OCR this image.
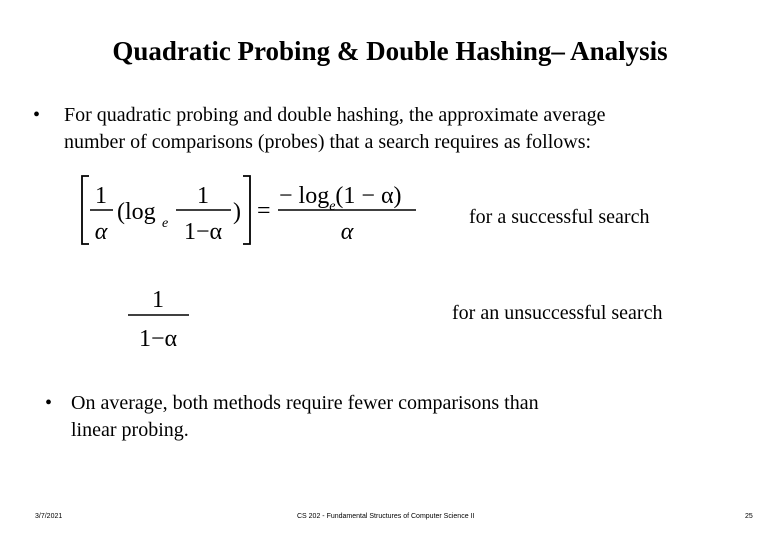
Quadratic Probing & Double Hashing– Analysis
• For quadratic probing and double hashing, the approximate average
number of comparisons (probes) that a search requires as follows:
1
α
(log e
1
1−α
) =
− $\log_e(1 - \alpha)$
α
for a successful search
1
1−α
for an unsuccessful search
• On average, both methods require fewer comparisons than
linear probing.
3/7/2021	CS 202 - Fundamental Structures of Computer Science II	25
